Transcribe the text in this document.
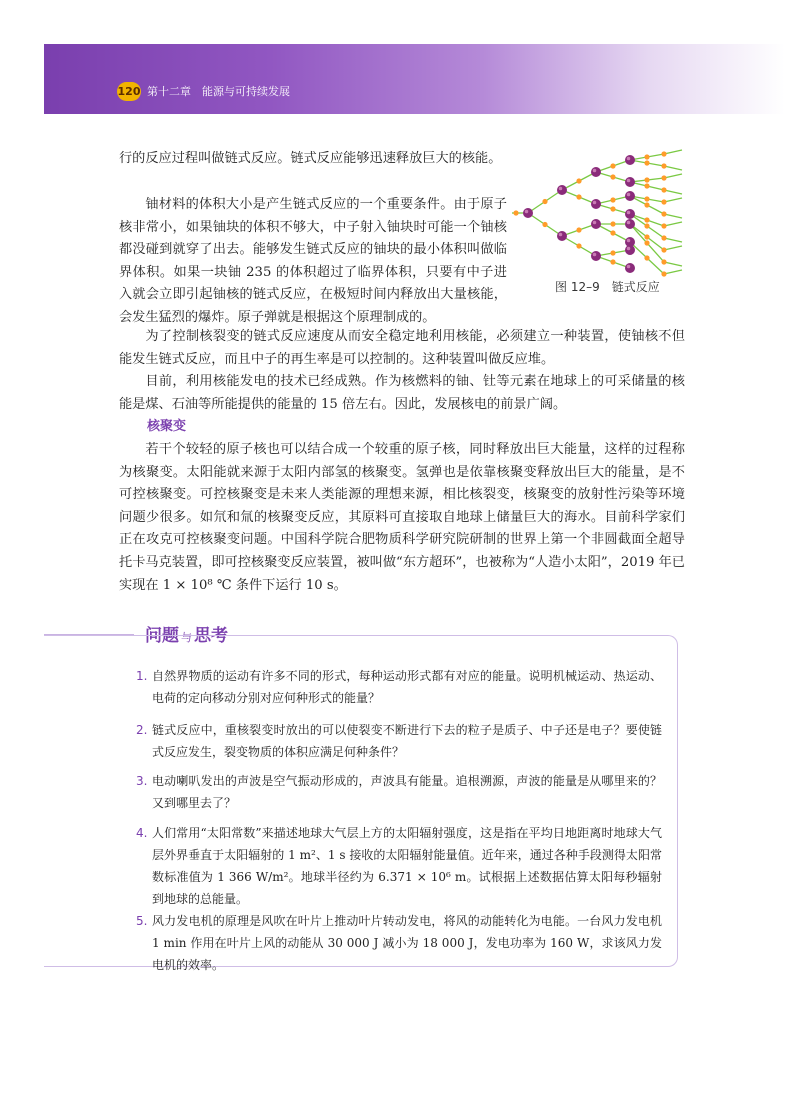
120 第十二章　能源与可持续发展

行的反应过程叫做链式反应。链式反应能够迅速释放巨大的核能。

铀材料的体积大小是产生链式反应的一个重要条件。由于原子核非常小，如果铀块的体积不够大，中子射入铀块时可能一个铀核都没碰到就穿了出去。能够发生链式反应的铀块的最小体积叫做临界体积。如果一块铀 235 的体积超过了临界体积，只要有中子进入就会立即引起铀核的链式反应，在极短时间内释放出大量核能，会发生猛烈的爆炸。原子弹就是根据这个原理制成的。

图 12–9　链式反应

为了控制核裂变的链式反应速度从而安全稳定地利用核能，必须建立一种装置，使铀核不但能发生链式反应，而且中子的再生率是可以控制的。这种装置叫做反应堆。

目前，利用核能发电的技术已经成熟。作为核燃料的铀、钍等元素在地球上的可采储量的核能是煤、石油等所能提供的能量的 15 倍左右。因此，发展核电的前景广阔。

核聚变

若干个较轻的原子核也可以结合成一个较重的原子核，同时释放出巨大能量，这样的过程称为核聚变。太阳能就来源于太阳内部氢的核聚变。氢弹也是依靠核聚变释放出巨大的能量，是不可控核聚变。可控核聚变是未来人类能源的理想来源，相比核裂变，核聚变的放射性污染等环境问题少很多。如氘和氚的核聚变反应，其原料可直接取自地球上储量巨大的海水。目前科学家们正在攻克可控核聚变问题。中国科学院合肥物质科学研究院研制的世界上第一个非圆截面全超导托卡马克装置，即可控核聚变反应装置，被叫做“东方超环”，也被称为“人造小太阳”，2019 年已实现在 1 × 10⁸ ℃ 条件下运行 10 s。

问题 与 思考
1. 自然界物质的运动有许多不同的形式，每种运动形式都有对应的能量。说明机械运动、热运动、电荷的定向移动分别对应何种形式的能量？
2. 链式反应中，重核裂变时放出的可以使裂变不断进行下去的粒子是质子、中子还是电子？要使链式反应发生，裂变物质的体积应满足何种条件？
3. 电动喇叭发出的声波是空气振动形成的，声波具有能量。追根溯源，声波的能量是从哪里来的？又到哪里去了？
4. 人们常用“太阳常数”来描述地球大气层上方的太阳辐射强度，这是指在平均日地距离时地球大气层外界垂直于太阳辐射的 1 m²、1 s 接收的太阳辐射能量值。近年来，通过各种手段测得太阳常数标准值为 1 366 W/m²。地球半径约为 6.371 × 10⁶ m。试根据上述数据估算太阳每秒辐射到地球的总能量。
5. 风力发电机的原理是风吹在叶片上推动叶片转动发电，将风的动能转化为电能。一台风力发电机 1 min 作用在叶片上风的动能从 30 000 J 减小为 18 000 J，发电功率为 160 W，求该风力发电机的效率。
